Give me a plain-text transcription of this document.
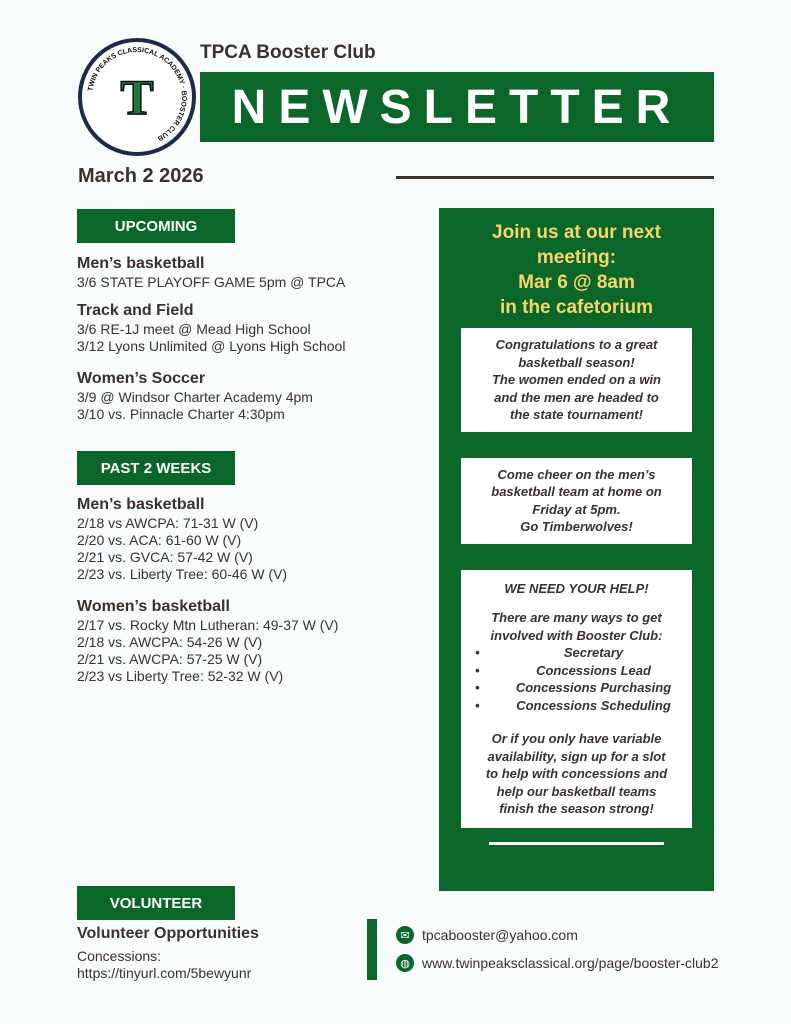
TWIN PEAKS CLASSICAL ACADEMY · BOOSTER CLUB
T
TPCA Booster Club
NEWSLETTER
March 2 2026
UPCOMING
Men’s basketball
3/6 STATE PLAYOFF GAME 5pm @ TPCA
Track and Field
3/6 RE-1J meet @ Mead High School
3/12 Lyons Unlimited @ Lyons High School
Women’s Soccer
3/9 @ Windsor Charter Academy 4pm
3/10 vs. Pinnacle Charter 4:30pm
PAST 2 WEEKS
Men’s basketball
2/18 vs AWCPA: 71-31 W (V)
2/20 vs. ACA: 61-60 W (V)
2/21 vs. GVCA: 57-42 W (V)
2/23 vs. Liberty Tree: 60-46 W (V)
Women’s basketball
2/17 vs. Rocky Mtn Lutheran: 49-37 W (V)
2/18 vs. AWCPA: 54-26 W (V)
2/21 vs. AWCPA: 57-25 W (V)
2/23 vs Liberty Tree: 52-32 W (V)
Join us at our next
meeting:
Mar 6 @ 8am
in the cafetorium
Congratulations to a great
basketball season!
The women ended on a win
and the men are headed to
the state tournament!
Come cheer on the men’s
basketball team at home on
Friday at 5pm.
Go Timberwolves!
WE NEED YOUR HELP!
There are many ways to get
involved with Booster Club:
•	Secretary
•	Concessions Lead
•	Concessions Purchasing
•	Concessions Scheduling
Or if you only have variable
availability, sign up for a slot
to help with concessions and
help our basketball teams
finish the season strong!
VOLUNTEER
Volunteer Opportunities
Concessions:
https://tinyurl.com/5bewyunr
✉ tpcabooster@yahoo.com
◍ www.twinpeaksclassical.org/page/booster-club2
